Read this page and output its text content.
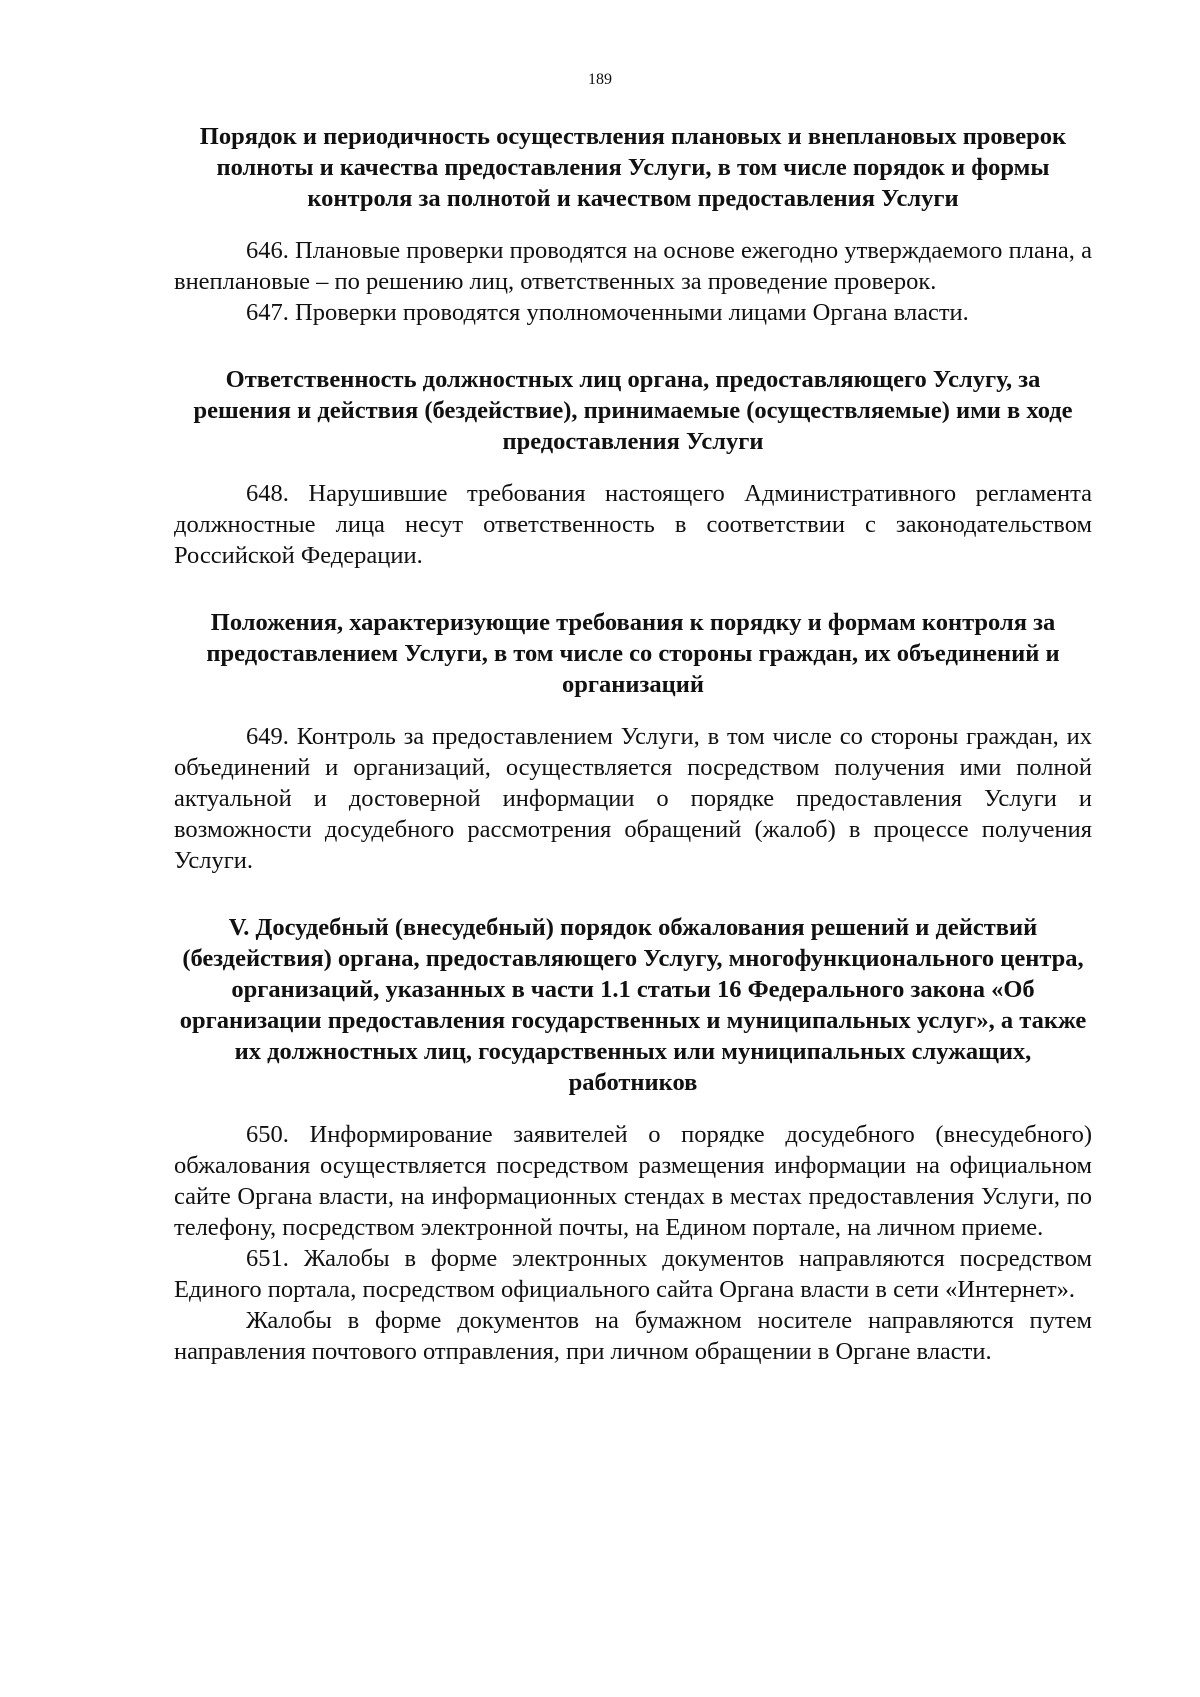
189
Порядок и периодичность осуществления плановых и внеплановых проверок полноты и качества предоставления Услуги, в том числе порядок и формы контроля за полнотой и качеством предоставления Услуги

646. Плановые проверки проводятся на основе ежегодно утверждаемого плана, а внеплановые – по решению лиц, ответственных за проведение проверок.

647. Проверки проводятся уполномоченными лицами Органа власти.

Ответственность должностных лиц органа, предоставляющего Услугу, за решения и действия (бездействие), принимаемые (осуществляемые) ими в ходе предоставления Услуги

648. Нарушившие требования настоящего Административного регламента должностные лица несут ответственность в соответствии с законодательством Российской Федерации.

Положения, характеризующие требования к порядку и формам контроля за предоставлением Услуги, в том числе со стороны граждан, их объединений и организаций

649. Контроль за предоставлением Услуги, в том числе со стороны граждан, их объединений и организаций, осуществляется посредством получения ими полной актуальной и достоверной информации о порядке предоставления Услуги и возможности досудебного рассмотрения обращений (жалоб) в процессе получения Услуги.

V. Досудебный (внесудебный) порядок обжалования решений и действий (бездействия) органа, предоставляющего Услугу, многофункционального центра, организаций, указанных в части 1.1 статьи 16 Федерального закона «Об организации предоставления государственных и муниципальных услуг», а также их должностных лиц, государственных или муниципальных служащих, работников

650. Информирование заявителей о порядке досудебного (внесудебного) обжалования осуществляется посредством размещения информации на официальном сайте Органа власти, на информационных стендах в местах предоставления Услуги, по телефону, посредством электронной почты, на Едином портале, на личном приеме.

651. Жалобы в форме электронных документов направляются посредством Единого портала, посредством официального сайта Органа власти в сети «Интернет».

Жалобы в форме документов на бумажном носителе направляются путем направления почтового отправления, при личном обращении в Органе власти.
